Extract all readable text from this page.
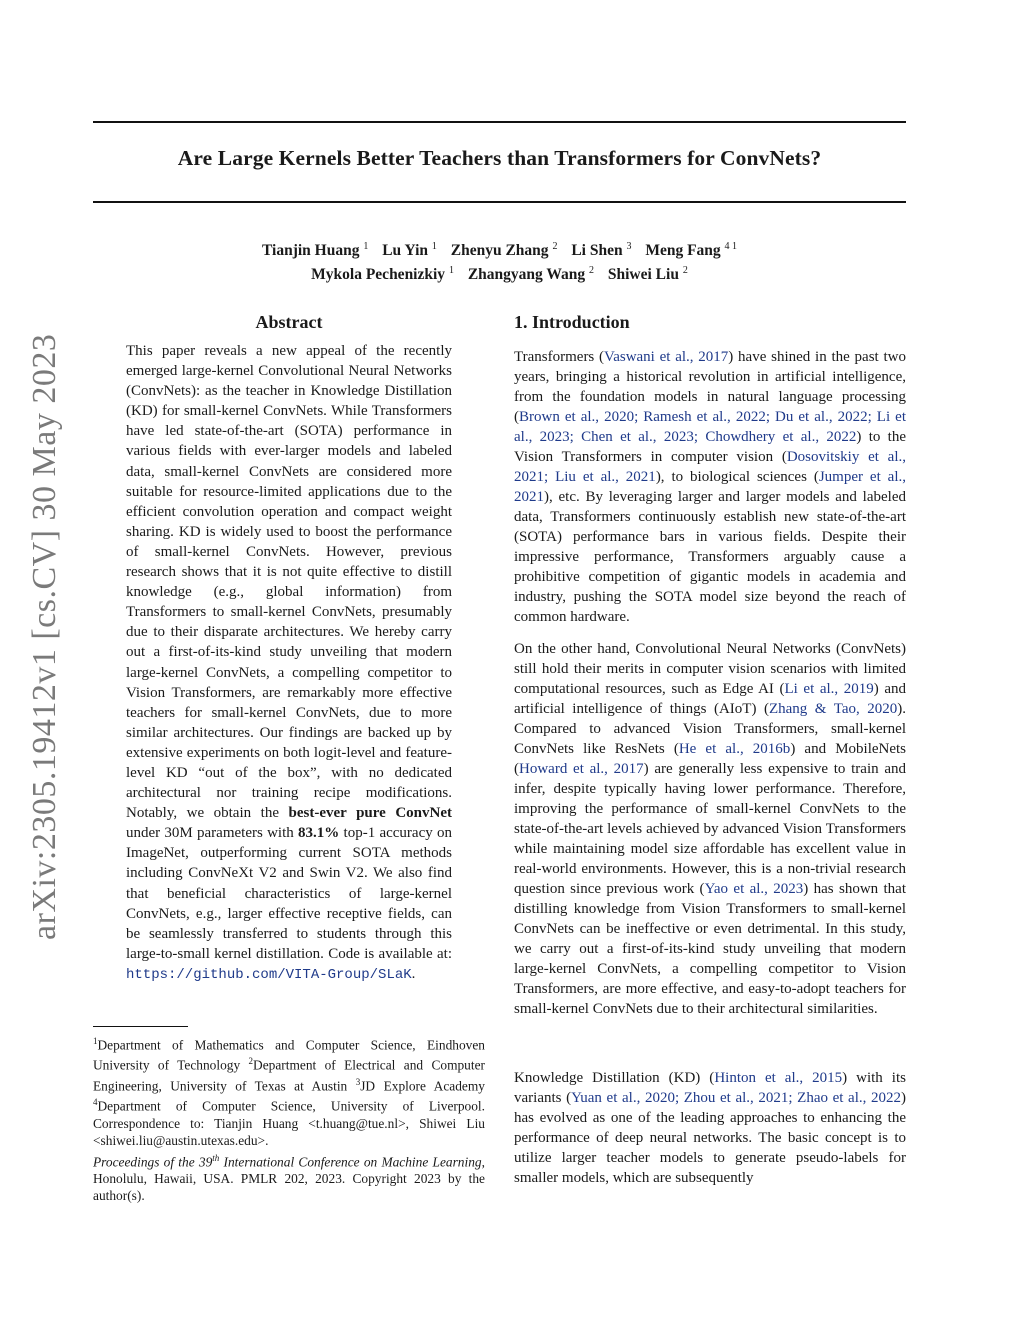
Are Large Kernels Better Teachers than Transformers for ConvNets?
Tianjin Huang $^1$ Lu Yin $^1$ Zhenyu Zhang $^2$ Li Shen $^3$ Meng Fang $^{4 1}$
Mykola Pechenizkiy $^1$ Zhangyang Wang $^2$ Shiwei Liu $^2$
arXiv:2305.19412v1 [cs.CV] 30 May 2023
Abstract

This paper reveals a new appeal of the recently emerged large-kernel Convolutional Neural Networks (ConvNets): as the teacher in Knowledge Distillation (KD) for small-kernel ConvNets. While Transformers have led state-of-the-art (SOTA) performance in various fields with ever-larger models and labeled data, small-kernel ConvNets are considered more suitable for resource-limited applications due to the efficient convolution operation and compact weight sharing. KD is widely used to boost the performance of small-kernel ConvNets. However, previous research shows that it is not quite effective to distill knowledge (e.g., global information) from Transformers to small-kernel ConvNets, presumably due to their disparate architectures. We hereby carry out a first-of-its-kind study unveiling that modern large-kernel ConvNets, a compelling competitor to Vision Transformers, are remarkably more effective teachers for small-kernel ConvNets, due to more similar architectures. Our findings are backed up by extensive experiments on both logit-level and feature-level KD “out of the box”, with no dedicated architectural nor training recipe modifications. Notably, we obtain the best-ever pure ConvNet under 30M parameters with 83.1% top-1 accuracy on ImageNet, outperforming current SOTA methods including ConvNeXt V2 and Swin V2. We also find that beneficial characteristics of large-kernel ConvNets, e.g., larger effective receptive fields, can be seamlessly transferred to students through this large-to-small kernel distillation. Code is available at: https://github.com/VITA-Group/SLaK.

$^1$Department of Mathematics and Computer Science, Eindhoven University of Technology $^2$Department of Electrical and Computer Engineering, University of Texas at Austin $^3$JD Explore Academy $^4$Department of Computer Science, University of Liverpool. Correspondence to: Tianjin Huang <t.huang@tue.nl>, Shiwei Liu <shiwei.liu@austin.utexas.edu>.

Proceedings of the 39th International Conference on Machine Learning, Honolulu, Hawaii, USA. PMLR 202, 2023. Copyright 2023 by the author(s).

1. Introduction

Transformers (Vaswani et al., 2017) have shined in the past two years, bringing a historical revolution in artificial intelligence, from the foundation models in natural language processing (Brown et al., 2020; Ramesh et al., 2022; Du et al., 2022; Li et al., 2023; Chen et al., 2023; Chowdhery et al., 2022) to the Vision Transformers in computer vision (Dosovitskiy et al., 2021; Liu et al., 2021), to biological sciences (Jumper et al., 2021), etc. By leveraging larger and larger models and labeled data, Transformers continuously establish new state-of-the-art (SOTA) performance bars in various fields. Despite their impressive performance, Transformers arguably cause a prohibitive competition of gigantic models in academia and industry, pushing the SOTA model size beyond the reach of common hardware.

On the other hand, Convolutional Neural Networks (ConvNets) still hold their merits in computer vision scenarios with limited computational resources, such as Edge AI (Li et al., 2019) and artificial intelligence of things (AIoT) (Zhang & Tao, 2020). Compared to advanced Vision Transformers, small-kernel ConvNets like ResNets (He et al., 2016b) and MobileNets (Howard et al., 2017) are generally less expensive to train and infer, despite typically having lower performance. Therefore, improving the performance of small-kernel ConvNets to the state-of-the-art levels achieved by advanced Vision Transformers while maintaining model size affordable has excellent value in real-world environments. However, this is a non-trivial research question since previous work (Yao et al., 2023) has shown that distilling knowledge from Vision Transformers to small-kernel ConvNets can be ineffective or even detrimental. In this study, we carry out a first-of-its-kind study unveiling that modern large-kernel ConvNets, a compelling competitor to Vision Transformers, are more effective, and easy-to-adopt teachers for small-kernel ConvNets due to their architectural similarities.

Knowledge Distillation (KD) (Hinton et al., 2015) with its variants (Yuan et al., 2020; Zhou et al., 2021; Zhao et al., 2022) has evolved as one of the leading approaches to enhancing the performance of deep neural networks. The basic concept is to utilize larger teacher models to generate pseudo-labels for smaller models, which are subsequently
